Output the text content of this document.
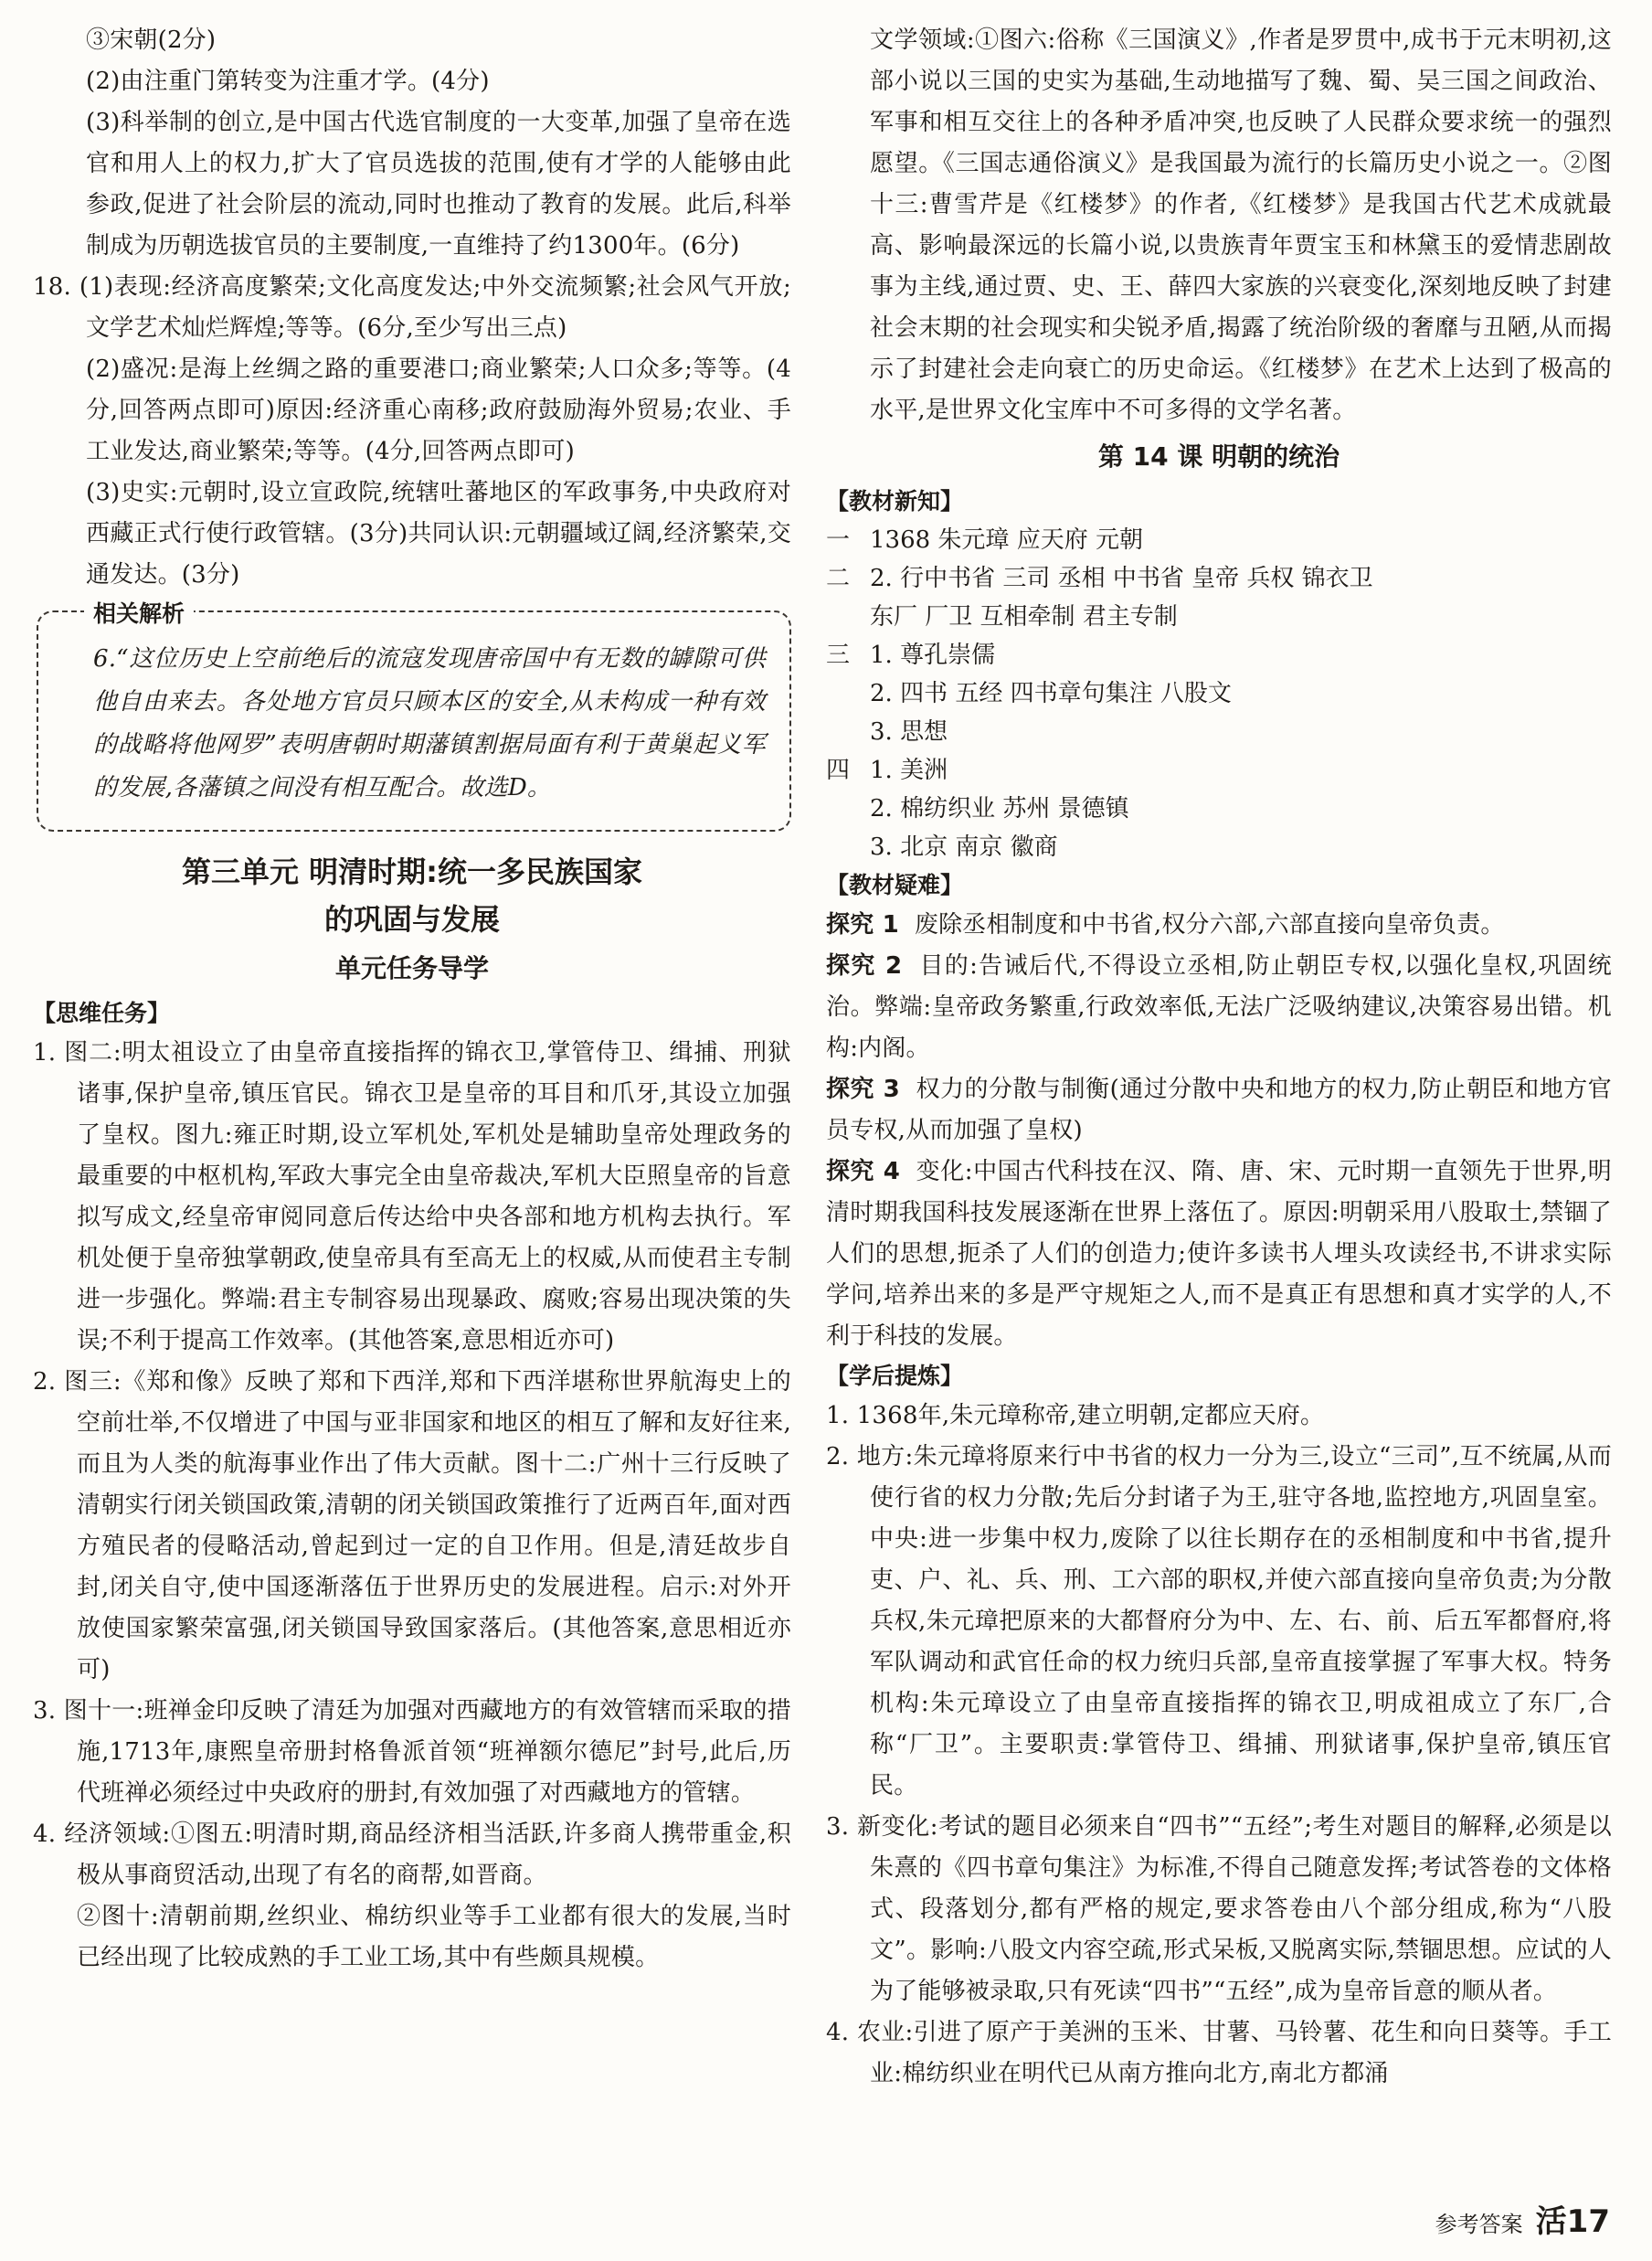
③宋朝(2分)

(2)由注重门第转变为注重才学。(4分)

(3)科举制的创立,是中国古代选官制度的一大变革,加强了皇帝在选官和用人上的权力,扩大了官员选拔的范围,使有才学的人能够由此参政,促进了社会阶层的流动,同时也推动了教育的发展。此后,科举制成为历朝选拔官员的主要制度,一直维持了约1300年。(6分)

18. (1)表现:经济高度繁荣;文化高度发达;中外交流频繁;社会风气开放;文学艺术灿烂辉煌;等等。(6分,至少写出三点)

(2)盛况:是海上丝绸之路的重要港口;商业繁荣;人口众多;等等。(4分,回答两点即可)原因:经济重心南移;政府鼓励海外贸易;农业、手工业发达,商业繁荣;等等。(4分,回答两点即可)

(3)史实:元朝时,设立宣政院,统辖吐蕃地区的军政事务,中央政府对西藏正式行使行政管辖。(3分)共同认识:元朝疆域辽阔,经济繁荣,交通发达。(3分)

相关解析

6.“这位历史上空前绝后的流寇发现唐帝国中有无数的罅隙可供他自由来去。各处地方官员只顾本区的安全,从未构成一种有效的战略将他网罗”表明唐朝时期藩镇割据局面有利于黄巢起义军的发展,各藩镇之间没有相互配合。故选D。

第三单元 明清时期:统一多民族国家

的巩固与发展

单元任务导学

【思维任务】

1. 图二:明太祖设立了由皇帝直接指挥的锦衣卫,掌管侍卫、缉捕、刑狱诸事,保护皇帝,镇压官民。锦衣卫是皇帝的耳目和爪牙,其设立加强了皇权。图九:雍正时期,设立军机处,军机处是辅助皇帝处理政务的最重要的中枢机构,军政大事完全由皇帝裁决,军机大臣照皇帝的旨意拟写成文,经皇帝审阅同意后传达给中央各部和地方机构去执行。军机处便于皇帝独掌朝政,使皇帝具有至高无上的权威,从而使君主专制进一步强化。弊端:君主专制容易出现暴政、腐败;容易出现决策的失误;不利于提高工作效率。(其他答案,意思相近亦可)

2. 图三:《郑和像》反映了郑和下西洋,郑和下西洋堪称世界航海史上的空前壮举,不仅增进了中国与亚非国家和地区的相互了解和友好往来,而且为人类的航海事业作出了伟大贡献。图十二:广州十三行反映了清朝实行闭关锁国政策,清朝的闭关锁国政策推行了近两百年,面对西方殖民者的侵略活动,曾起到过一定的自卫作用。但是,清廷故步自封,闭关自守,使中国逐渐落伍于世界历史的发展进程。启示:对外开放使国家繁荣富强,闭关锁国导致国家落后。(其他答案,意思相近亦可)

3. 图十一:班禅金印反映了清廷为加强对西藏地方的有效管辖而采取的措施,1713年,康熙皇帝册封格鲁派首领“班禅额尔德尼”封号,此后,历代班禅必须经过中央政府的册封,有效加强了对西藏地方的管辖。

4. 经济领域:①图五:明清时期,商品经济相当活跃,许多商人携带重金,积极从事商贸活动,出现了有名的商帮,如晋商。

②图十:清朝前期,丝织业、棉纺织业等手工业都有很大的发展,当时已经出现了比较成熟的手工业工场,其中有些颇具规模。

文学领域:①图六:俗称《三国演义》,作者是罗贯中,成书于元末明初,这部小说以三国的史实为基础,生动地描写了魏、蜀、吴三国之间政治、军事和相互交往上的各种矛盾冲突,也反映了人民群众要求统一的强烈愿望。《三国志通俗演义》是我国最为流行的长篇历史小说之一。②图十三:曹雪芹是《红楼梦》的作者,《红楼梦》是我国古代艺术成就最高、影响最深远的长篇小说,以贵族青年贾宝玉和林黛玉的爱情悲剧故事为主线,通过贾、史、王、薛四大家族的兴衰变化,深刻地反映了封建社会末期的社会现实和尖锐矛盾,揭露了统治阶级的奢靡与丑陋,从而揭示了封建社会走向衰亡的历史命运。《红楼梦》在艺术上达到了极高的水平,是世界文化宝库中不可多得的文学名著。

第 14 课 明朝的统治

【教材新知】

一 1368 朱元璋 应天府 元朝

二 2. 行中书省 三司 丞相 中书省 皇帝 兵权 锦衣卫

东厂 厂卫 互相牵制 君主专制

三 1. 尊孔崇儒

2. 四书 五经 四书章句集注 八股文

3. 思想

四 1. 美洲

2. 棉纺织业 苏州 景德镇

3. 北京 南京 徽商

【教材疑难】

探究 1 废除丞相制度和中书省,权分六部,六部直接向皇帝负责。

探究 2 目的:告诫后代,不得设立丞相,防止朝臣专权,以强化皇权,巩固统治。弊端:皇帝政务繁重,行政效率低,无法广泛吸纳建议,决策容易出错。机构:内阁。

探究 3 权力的分散与制衡(通过分散中央和地方的权力,防止朝臣和地方官员专权,从而加强了皇权)

探究 4 变化:中国古代科技在汉、隋、唐、宋、元时期一直领先于世界,明清时期我国科技发展逐渐在世界上落伍了。原因:明朝采用八股取士,禁锢了人们的思想,扼杀了人们的创造力;使许多读书人埋头攻读经书,不讲求实际学问,培养出来的多是严守规矩之人,而不是真正有思想和真才实学的人,不利于科技的发展。

【学后提炼】

1. 1368年,朱元璋称帝,建立明朝,定都应天府。

2. 地方:朱元璋将原来行中书省的权力一分为三,设立“三司”,互不统属,从而使行省的权力分散;先后分封诸子为王,驻守各地,监控地方,巩固皇室。中央:进一步集中权力,废除了以往长期存在的丞相制度和中书省,提升吏、户、礼、兵、刑、工六部的职权,并使六部直接向皇帝负责;为分散兵权,朱元璋把原来的大都督府分为中、左、右、前、后五军都督府,将军队调动和武官任命的权力统归兵部,皇帝直接掌握了军事大权。特务机构:朱元璋设立了由皇帝直接指挥的锦衣卫,明成祖成立了东厂,合称“厂卫”。主要职责:掌管侍卫、缉捕、刑狱诸事,保护皇帝,镇压官民。

3. 新变化:考试的题目必须来自“四书”“五经”;考生对题目的解释,必须是以朱熹的《四书章句集注》为标准,不得自己随意发挥;考试答卷的文体格式、段落划分,都有严格的规定,要求答卷由八个部分组成,称为“八股文”。影响:八股文内容空疏,形式呆板,又脱离实际,禁锢思想。应试的人为了能够被录取,只有死读“四书”“五经”,成为皇帝旨意的顺从者。

4. 农业:引进了原产于美洲的玉米、甘薯、马铃薯、花生和向日葵等。手工业:棉纺织业在明代已从南方推向北方,南北方都涌

参考答案 活17
